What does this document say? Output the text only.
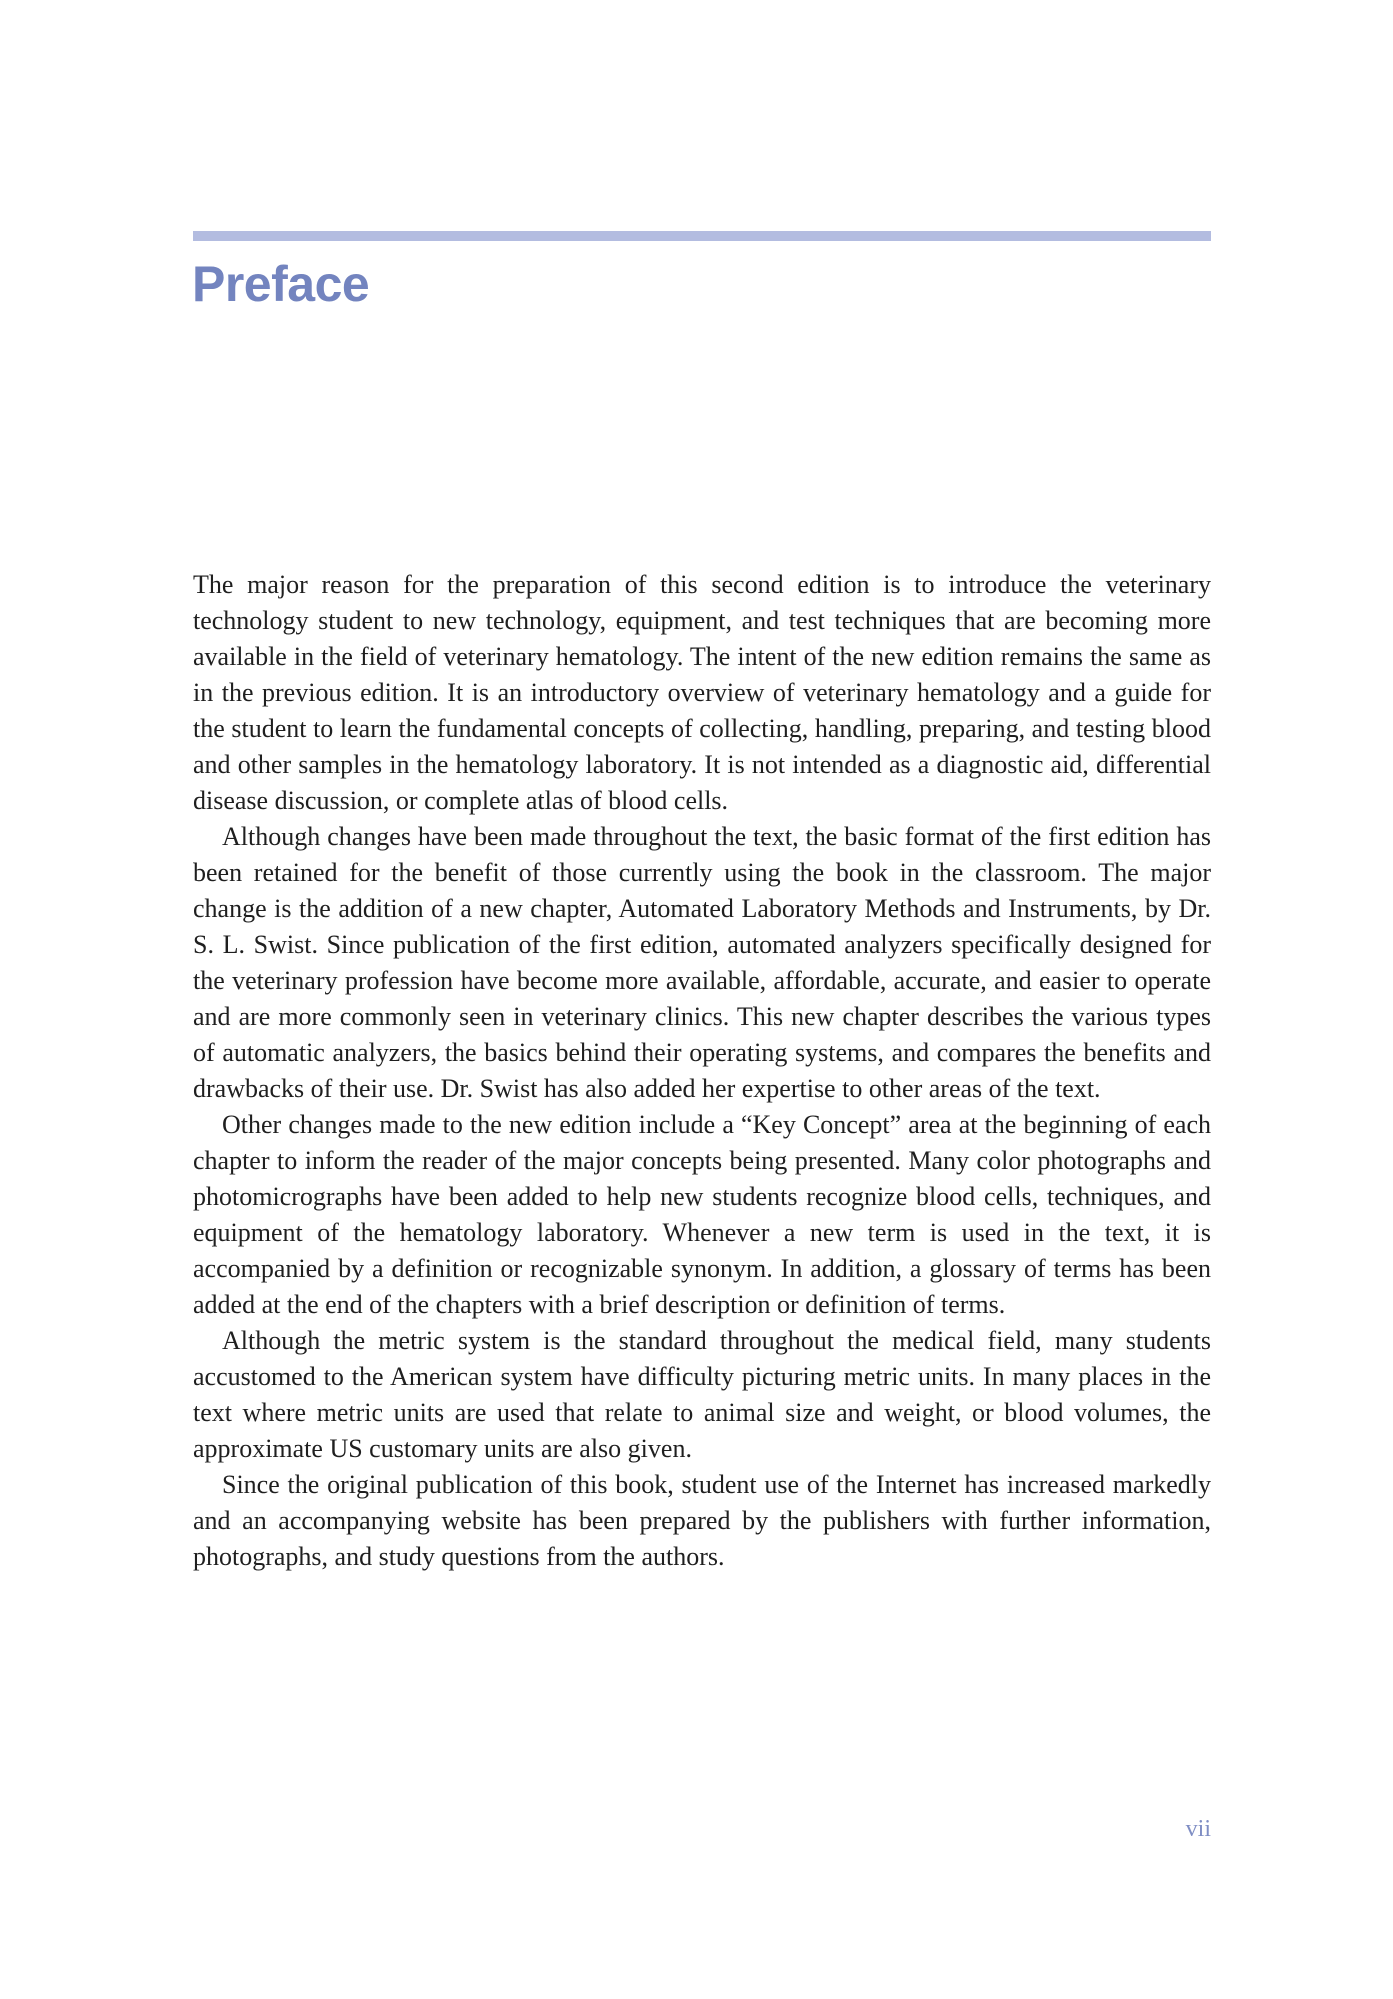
Preface

The major reason for the preparation of this second edition is to introduce the veterinary technology student to new technology, equipment, and test techniques that are becoming more available in the field of veterinary hematology. The intent of the new edition remains the same as in the previous edition. It is an introductory overview of veterinary hematology and a guide for the student to learn the fundamental concepts of collecting, handling, preparing, and testing blood and other samples in the hematology laboratory. It is not intended as a diagnostic aid, differential disease discussion, or complete atlas of blood cells.

Although changes have been made throughout the text, the basic format of the first edition has been retained for the benefit of those currently using the book in the classroom. The major change is the addition of a new chapter, Automated Laboratory Methods and Instruments, by Dr. S. L. Swist. Since publication of the first edition, automated analyzers specifically designed for the veterinary profession have become more available, affordable, accurate, and easier to operate and are more commonly seen in veterinary clinics. This new chapter describes the various types of automatic analyzers, the basics behind their operating systems, and compares the benefits and drawbacks of their use. Dr. Swist has also added her expertise to other areas of the text.

Other changes made to the new edition include a “Key Concept” area at the beginning of each chapter to inform the reader of the major concepts being presented. Many color photographs and photomicrographs have been added to help new students recognize blood cells, techniques, and equipment of the hematology laboratory. Whenever a new term is used in the text, it is accompanied by a definition or recognizable synonym. In addition, a glossary of terms has been added at the end of the chapters with a brief description or definition of terms.

Although the metric system is the standard throughout the medical field, many students accustomed to the American system have difficulty picturing metric units. In many places in the text where metric units are used that relate to animal size and weight, or blood volumes, the approximate US customary units are also given.

Since the original publication of this book, student use of the Internet has increased markedly and an accompanying website has been prepared by the publishers with further information, photographs, and study questions from the authors.

vii
